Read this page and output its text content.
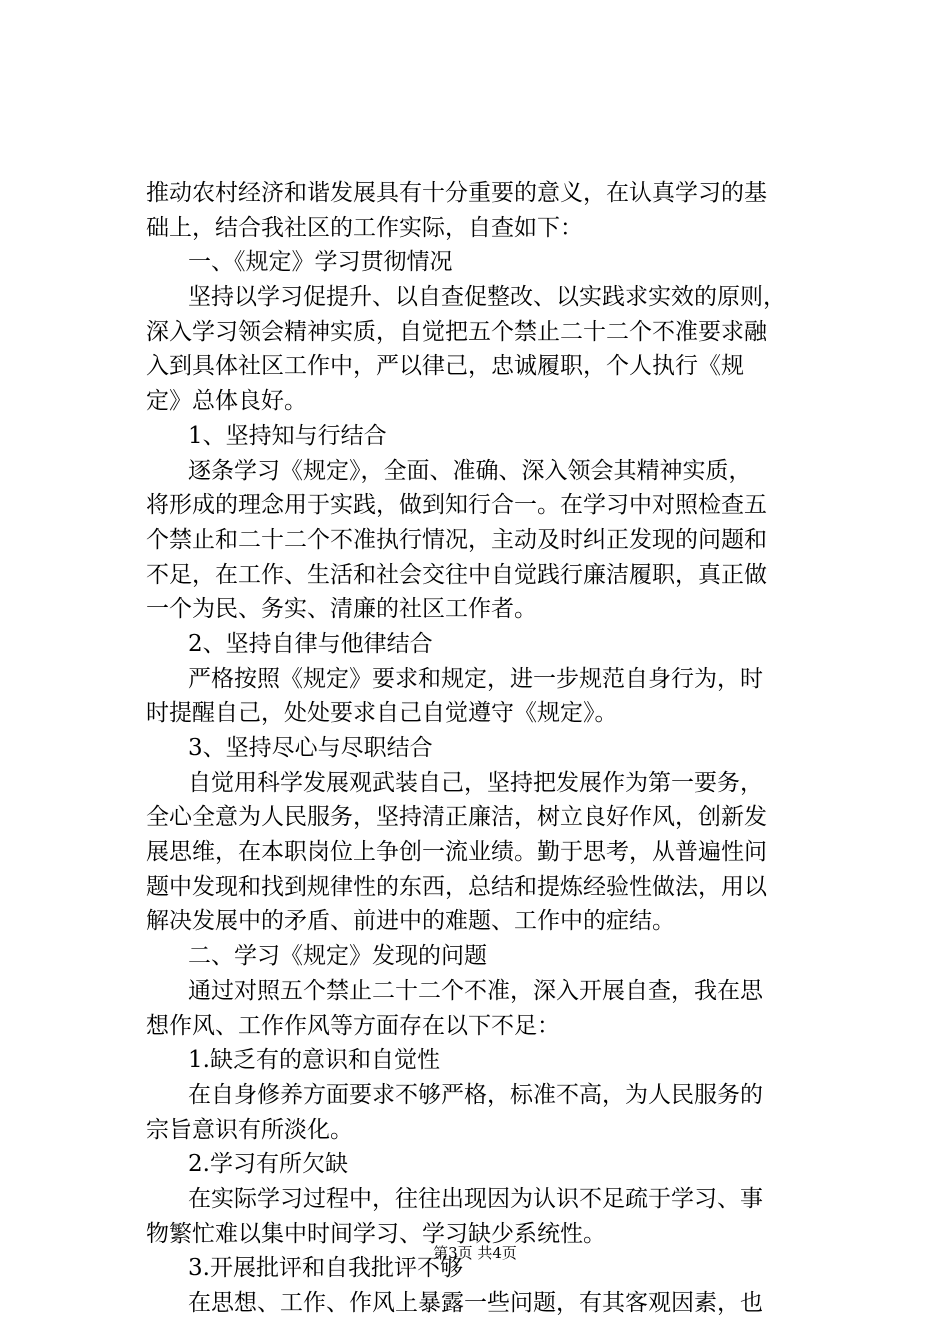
推动农村经济和谐发展具有十分重要的意义，在认真学习的基
础上，结合我社区的工作实际，自查如下：
一、《规定》学习贯彻情况
坚持以学习促提升、以自查促整改、以实践求实效的原则，
深入学习领会精神实质，自觉把五个禁止二十二个不准要求融
入到具体社区工作中，严以律己，忠诚履职，个人执行《规
定》总体良好。
1、坚持知与行结合
逐条学习《规定》，全面、准确、深入领会其精神实质，
将形成的理念用于实践，做到知行合一。在学习中对照检查五
个禁止和二十二个不准执行情况，主动及时纠正发现的问题和
不足，在工作、生活和社会交往中自觉践行廉洁履职，真正做
一个为民、务实、清廉的社区工作者。
2、坚持自律与他律结合
严格按照《规定》要求和规定，进一步规范自身行为，时
时提醒自己，处处要求自己自觉遵守《规定》。
3、坚持尽心与尽职结合
自觉用科学发展观武装自己，坚持把发展作为第一要务，
全心全意为人民服务，坚持清正廉洁，树立良好作风，创新发
展思维，在本职岗位上争创一流业绩。勤于思考，从普遍性问
题中发现和找到规律性的东西，总结和提炼经验性做法，用以
解决发展中的矛盾、前进中的难题、工作中的症结。
二、学习《规定》发现的问题
通过对照五个禁止二十二个不准，深入开展自查，我在思
想作风、工作作风等方面存在以下不足：
1.缺乏有的意识和自觉性
在自身修养方面要求不够严格，标准不高，为人民服务的
宗旨意识有所淡化。
2.学习有所欠缺
在实际学习过程中，往往出现因为认识不足疏于学习、事
物繁忙难以集中时间学习、学习缺少系统性。
3.开展批评和自我批评不够
在思想、工作、作风上暴露一些问题，有其客观因素，也
第3页 共4页
